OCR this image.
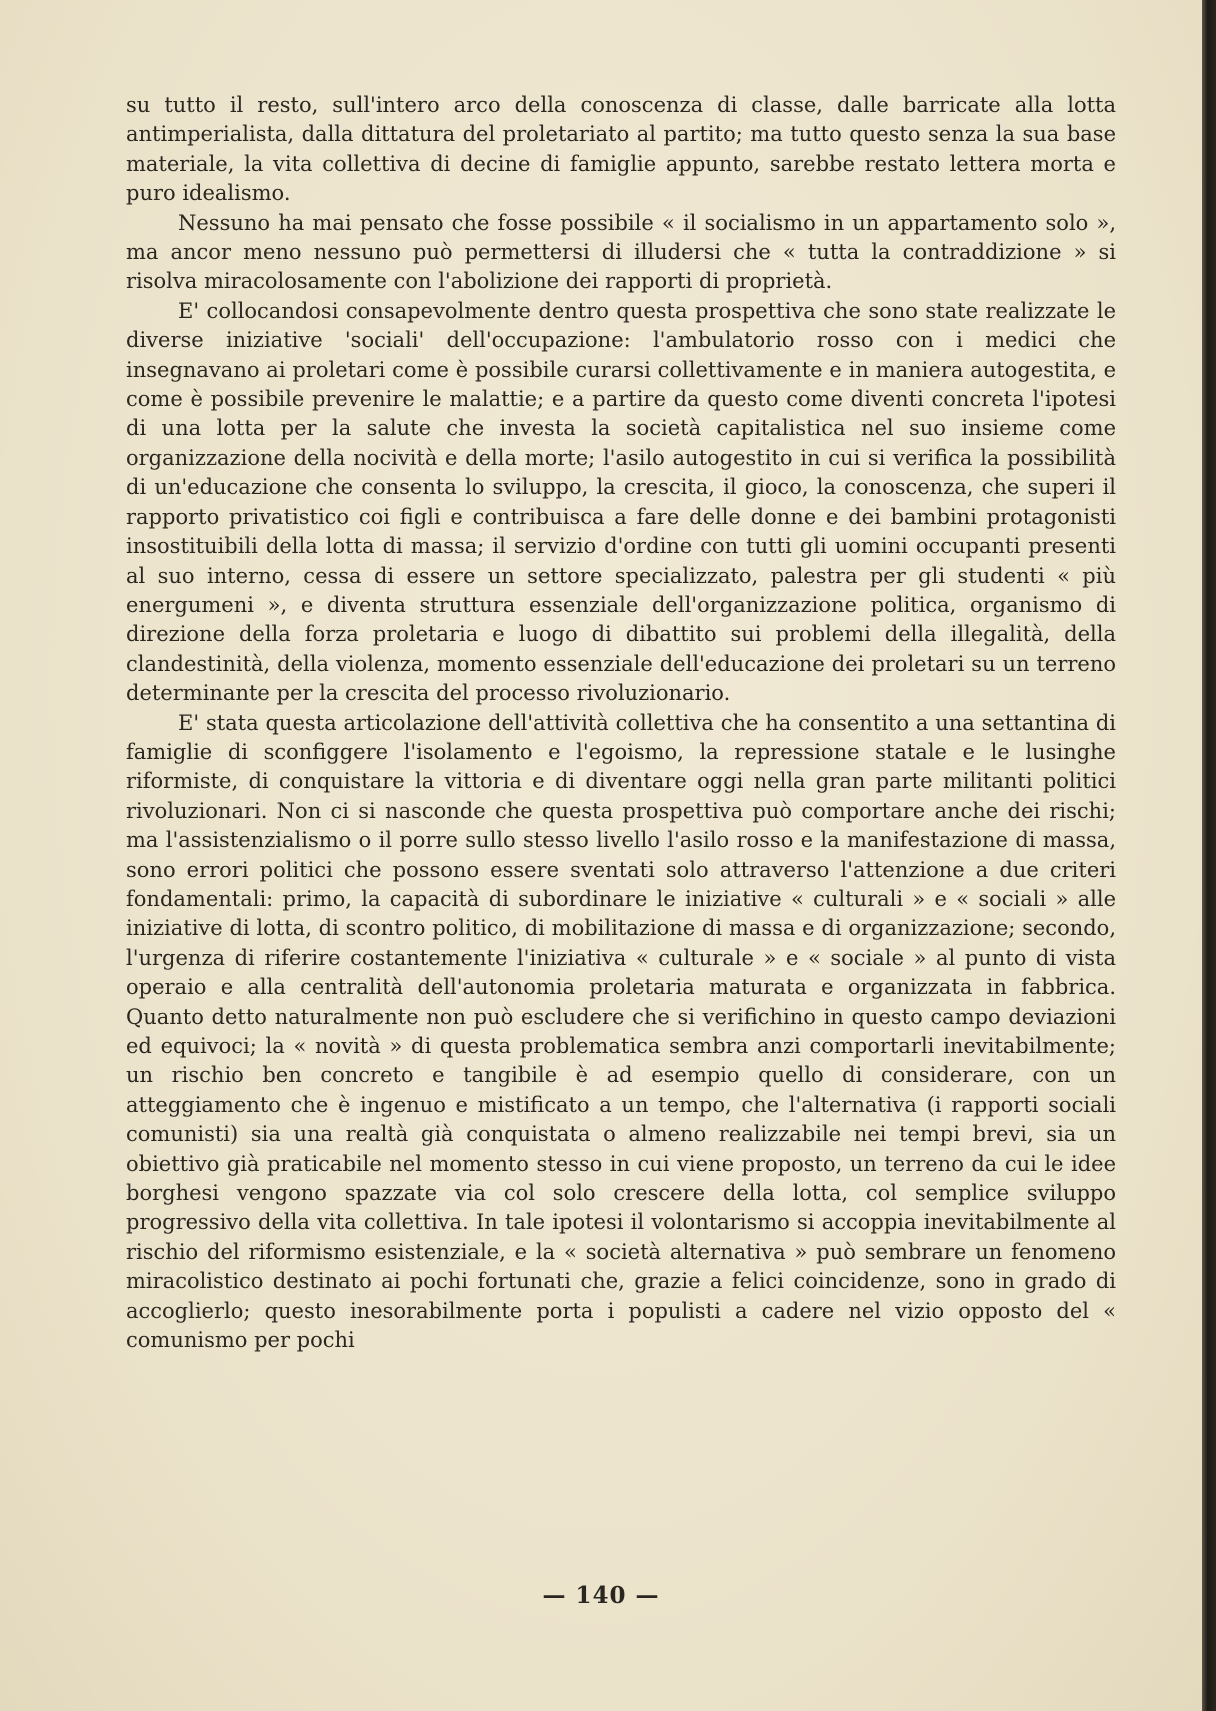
su tutto il resto, sull'intero arco della conoscenza di classe, dalle barricate alla lotta antimperialista, dalla dittatura del proletariato al partito; ma tutto questo senza la sua base materiale, la vita collettiva di decine di famiglie appunto, sarebbe restato lettera morta e puro idealismo.

Nessuno ha mai pensato che fosse possibile « il socialismo in un appartamento solo », ma ancor meno nessuno può permettersi di illudersi che « tutta la contraddizione » si risolva miracolosamente con l'abolizione dei rapporti di proprietà.

E' collocandosi consapevolmente dentro questa prospettiva che sono state realizzate le diverse iniziative 'sociali' dell'occupazione: l'ambulatorio rosso con i medici che insegnavano ai proletari come è possibile curarsi collettivamente e in maniera autogestita, e come è possibile prevenire le malattie; e a partire da questo come diventi concreta l'ipotesi di una lotta per la salute che investa la società capitalistica nel suo insieme come organizzazione della nocività e della morte; l'asilo autogestito in cui si verifica la possibilità di un'educazione che consenta lo sviluppo, la crescita, il gioco, la conoscenza, che superi il rapporto privatistico coi figli e contribuisca a fare delle donne e dei bambini protagonisti insostituibili della lotta di massa; il servizio d'ordine con tutti gli uomini occupanti presenti al suo interno, cessa di essere un settore specializzato, palestra per gli studenti « più energumeni », e diventa struttura essenziale dell'organizzazione politica, organismo di direzione della forza proletaria e luogo di dibattito sui problemi della illegalità, della clandestinità, della violenza, momento essenziale dell'educazione dei proletari su un terreno determinante per la crescita del processo rivoluzionario.

E' stata questa articolazione dell'attività collettiva che ha consentito a una settantina di famiglie di sconfiggere l'isolamento e l'egoismo, la repressione statale e le lusinghe riformiste, di conquistare la vittoria e di diventare oggi nella gran parte militanti politici rivoluzionari. Non ci si nasconde che questa prospettiva può comportare anche dei rischi; ma l'assistenzialismo o il porre sullo stesso livello l'asilo rosso e la manifestazione di massa, sono errori politici che possono essere sventati solo attraverso l'attenzione a due criteri fondamentali: primo, la capacità di subordinare le iniziative « culturali » e « sociali » alle iniziative di lotta, di scontro politico, di mobilitazione di massa e di organizzazione; secondo, l'urgenza di riferire costantemente l'iniziativa « culturale » e « sociale » al punto di vista operaio e alla centralità dell'autonomia proletaria maturata e organizzata in fabbrica. Quanto detto naturalmente non può escludere che si verifichino in questo campo deviazioni ed equivoci; la « novità » di questa problematica sembra anzi comportarli inevitabilmente; un rischio ben concreto e tangibile è ad esempio quello di considerare, con un atteggiamento che è ingenuo e mistificato a un tempo, che l'alternativa (i rapporti sociali comunisti) sia una realtà già conquistata o almeno realizzabile nei tempi brevi, sia un obiettivo già praticabile nel momento stesso in cui viene proposto, un terreno da cui le idee borghesi vengono spazzate via col solo crescere della lotta, col semplice sviluppo progressivo della vita collettiva. In tale ipotesi il volontarismo si accoppia inevitabilmente al rischio del riformismo esistenziale, e la « società alternativa » può sembrare un fenomeno miracolistico destinato ai pochi fortunati che, grazie a felici coincidenze, sono in grado di accoglierlo; questo inesorabilmente porta i populisti a cadere nel vizio opposto del « comunismo per pochi

— 140 —
